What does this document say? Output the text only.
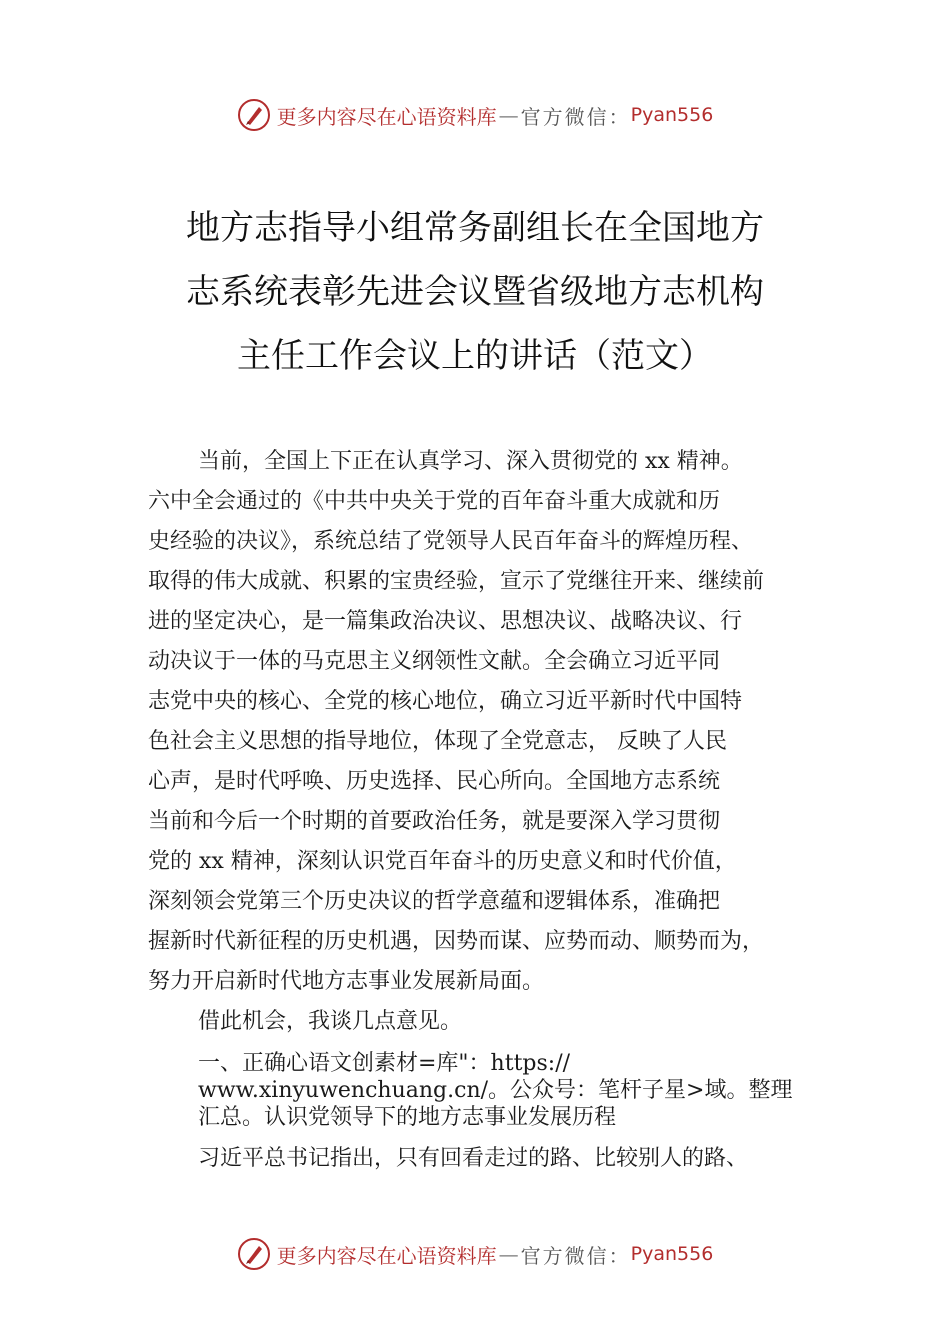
更多内容尽在心语资料库 — 官方微信： Pyan556
地方志指导小组常务副组长在全国地方
志系统表彰先进会议暨省级地方志机构
主任工作会议上的讲话（范文）
当前，全国上下正在认真学习、深入贯彻党的 xx 精神。
六中全会通过的《中共中央关于党的百年奋斗重大成就和历
史经验的决议》，系统总结了党领导人民百年奋斗的辉煌历程、
取得的伟大成就、积累的宝贵经验，宣示了党继往开来、继续前
进的坚定决心，是一篇集政治决议、思想决议、战略决议、行
动决议于一体的马克思主义纲领性文献。全会确立习近平同
志党中央的核心、全党的核心地位，确立习近平新时代中国特
色社会主义思想的指导地位，体现了全党意志， 反映了人民
心声，是时代呼唤、历史选择、民心所向。全国地方志系统
当前和今后一个时期的首要政治任务，就是要深入学习贯彻
党的 xx 精神，深刻认识党百年奋斗的历史意义和时代价值，
深刻领会党第三个历史决议的哲学意蕴和逻辑体系，准确把
握新时代新征程的历史机遇，因势而谋、应势而动、顺势而为，
努力开启新时代地方志事业发展新局面。
借此机会，我谈几点意见。
一、正确心语文创素材=库"：https://
www.xinyuwenchuang.cn/。公众号：笔杆子星>域。整理
汇总。认识党领导下的地方志事业发展历程
习近平总书记指出，只有回看走过的路、比较别人的路、
更多内容尽在心语资料库 — 官方微信： Pyan556
